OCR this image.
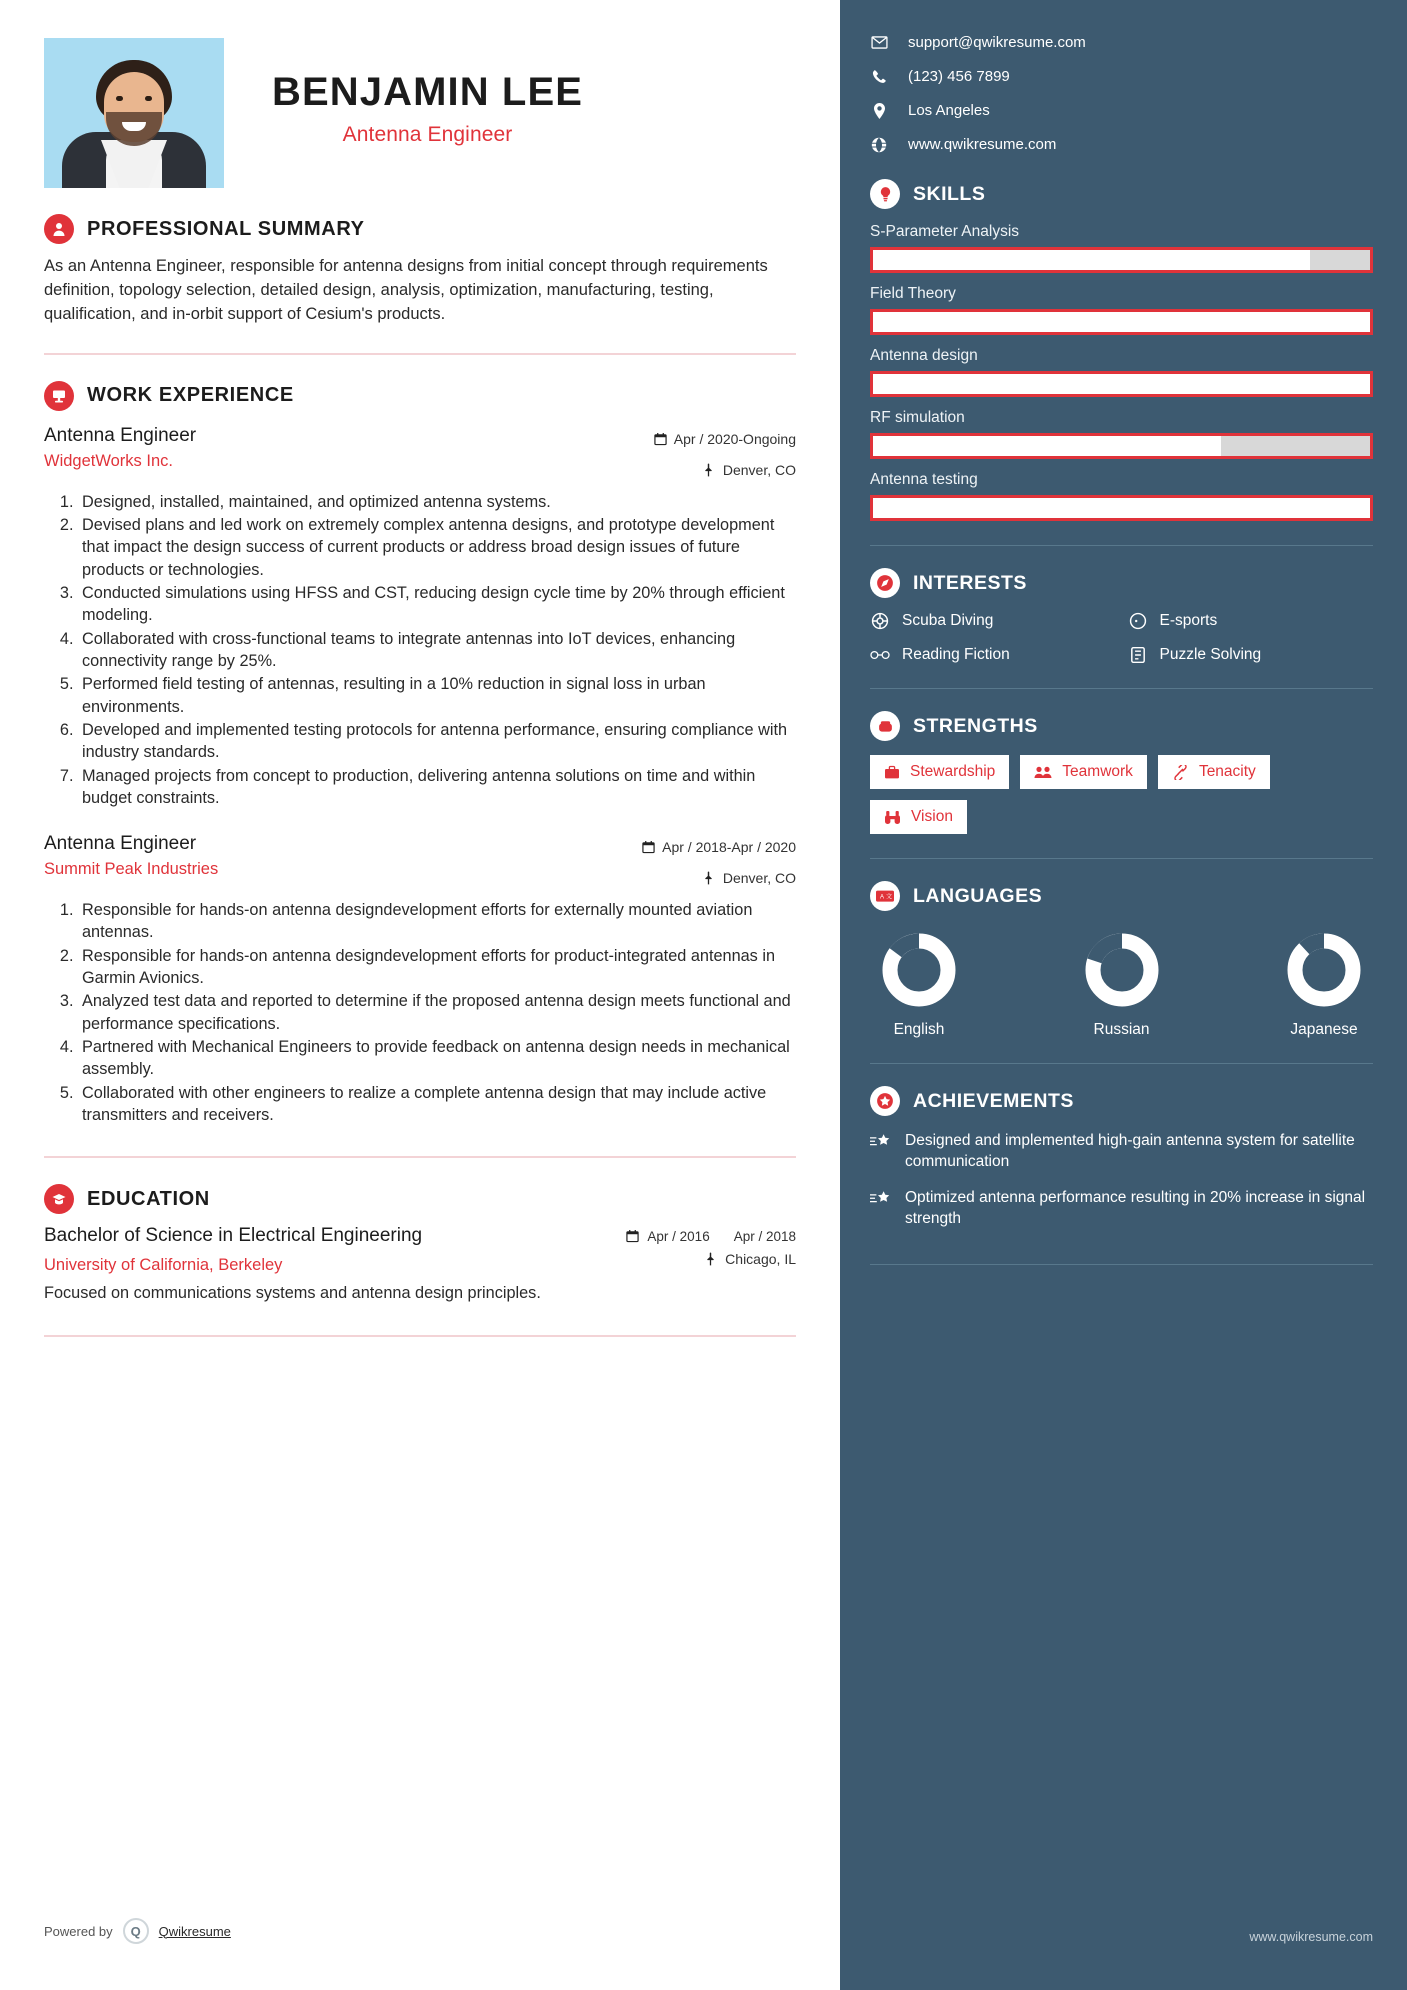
BENJAMIN LEE
Antenna Engineer
PROFESSIONAL SUMMARY
As an Antenna Engineer, responsible for antenna designs from initial concept through requirements definition, topology selection, detailed design, analysis, optimization, manufacturing, testing, qualification, and in-orbit support of Cesium's products.
WORK EXPERIENCE
Antenna Engineer
WidgetWorks Inc.
Apr / 2020-Ongoing
Denver, CO
1. Designed, installed, maintained, and optimized antenna systems.
2. Devised plans and led work on extremely complex antenna designs, and prototype development that impact the design success of current products or address broad design issues of future products or technologies.
3. Conducted simulations using HFSS and CST, reducing design cycle time by 20% through efficient modeling.
4. Collaborated with cross-functional teams to integrate antennas into IoT devices, enhancing connectivity range by 25%.
5. Performed field testing of antennas, resulting in a 10% reduction in signal loss in urban environments.
6. Developed and implemented testing protocols for antenna performance, ensuring compliance with industry standards.
7. Managed projects from concept to production, delivering antenna solutions on time and within budget constraints.
Antenna Engineer
Summit Peak Industries
Apr / 2018-Apr / 2020
Denver, CO
1. Responsible for hands-on antenna designdevelopment efforts for externally mounted aviation antennas.
2. Responsible for hands-on antenna designdevelopment efforts for product-integrated antennas in Garmin Avionics.
3. Analyzed test data and reported to determine if the proposed antenna design meets functional and performance specifications.
4. Partnered with Mechanical Engineers to provide feedback on antenna design needs in mechanical assembly.
5. Collaborated with other engineers to realize a complete antenna design that may include active transmitters and receivers.
EDUCATION
Bachelor of Science in Electrical Engineering	Apr / 2016 Apr / 2018
University of California, Berkeley	Chicago, IL
Focused on communications systems and antenna design principles.
Powered by	Q	Qwikresume
support@qwikresume.com
(123) 456 7899
Los Angeles
www.qwikresume.com
SKILLS
S-Parameter Analysis
Field Theory
Antenna design
RF simulation
Antenna testing
INTERESTS
Scuba Diving	E-sports
Reading Fiction	Puzzle Solving
STRENGTHS
Stewardship	Teamwork	Tenacity
Vision
A 文 LANGUAGES
English	Russian	Japanese
ACHIEVEMENTS
Designed and implemented high-gain antenna system for satellite communication
Optimized antenna performance resulting in 20% increase in signal strength
www.qwikresume.com
